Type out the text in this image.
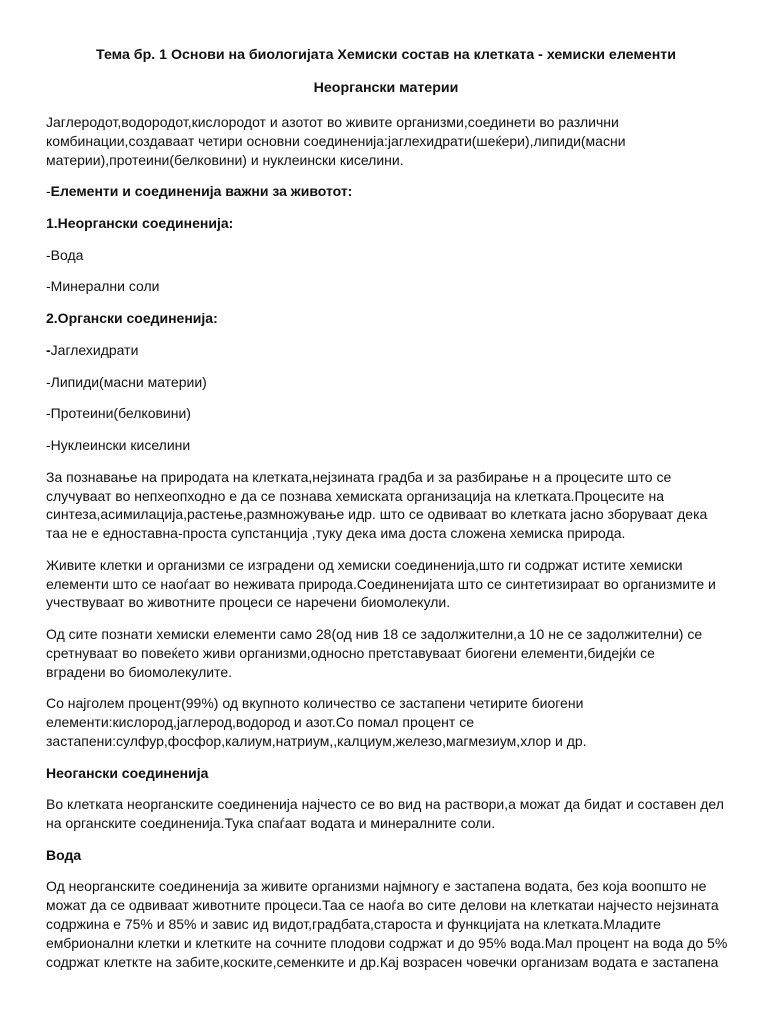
Тема бр. 1 Основи на биологијата Хемиски состав на клетката - хемиски елементи
Неоргански материи
Јаглеродот,водородот,кислородот и азотот во живите организми,соединети во различни
комбинации,создаваат четири основни соединенија:јаглехидрати(шеќери),липиди(масни
материи),протеини(белковини) и нуклеински киселини.
-Елементи и соединенија важни за животот:
1.Неоргански соединенија:
-Вода
-Минерални соли
2.Органски соединенија:
-Јаглехидрати
-Липиди(масни материи)
-Протеини(белковини)
-Нуклеински киселини
За познавање на природата на клетката,нејзината градба и за разбирање н а процесите што се
случуваат во непхеопходно е да се познава хемиската организација на клетката.Процесите на
синтеза,асимилација,растење,размножување идр. што се одвиваат во клетката јасно зборуваат дека
таа не е едноставна-проста супстанција ,туку дека има доста сложена хемиска природа.
Живите клетки и организми се изградени од хемиски соединенија,што ги содржат истите хемиски
елементи што се наоѓаат во неживата природа.Соединенијата што се синтетизираат во организмите и
учествуваат во животните процеси се наречени биомолекули.
Од сите познати хемиски елементи само 28(од нив 18 се задолжителни,а 10 не се задолжителни) се
сретнуваат во повеќето живи организми,односно претставуваат биогени елементи,бидејќи се
вградени во биомолекулите.
Со најголем процент(99%) од вкупното количество се застапени четирите биогени
елементи:кислород,јаглерод,водород и азот.Со помал процент се
застапени:сулфур,фосфор,калиум,натриум,,калциум,железо,магмезиум,хлор и др.
Неогански соединенија
Во клетката неорганските соединенија најчесто се во вид на раствори,а можат да бидат и составен дел
на органските соединенија.Тука спаѓаат водата и минералните соли.
Вода
Од неорганските соединенија за живите организми најмногу е застапена водата, без која воопшто не
можат да се одвиваат животните процеси.Таа се наоѓа во сите делови на клеткатаи најчесто нејзината
содржина е 75% и 85% и завис ид видот,градбата,староста и функцијата на клетката.Младите
ембрионални клетки и клетките на сочните плодови содржат и до 95% вода.Мал процент на вода до 5%
содржат клеткте на забите,коските,семенките и др.Кај возрасен човечки организам водата е застапена
